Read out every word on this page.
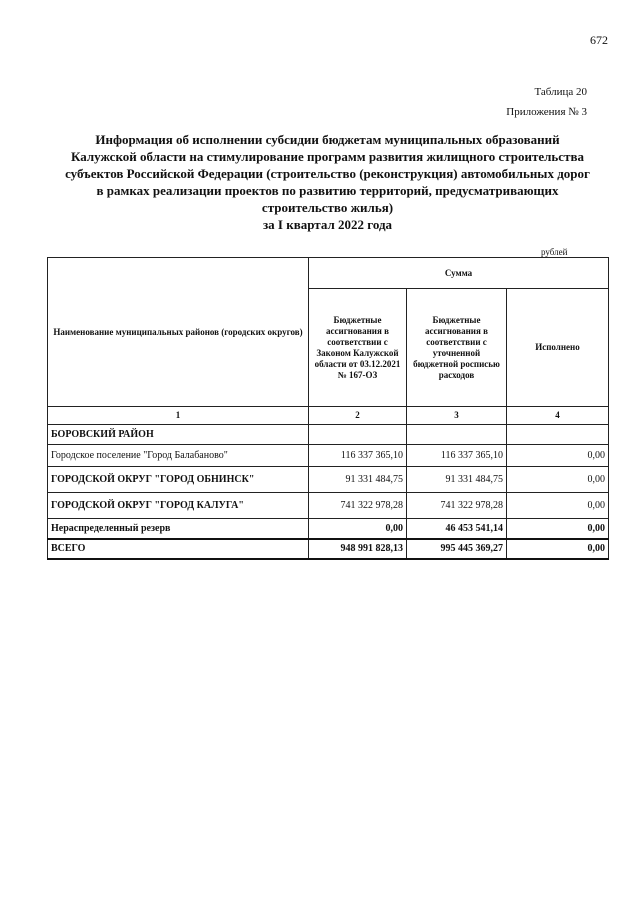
672
Таблица 20
Приложения № 3
Информация об исполнении субсидии бюджетам муниципальных образований
Калужской области на стимулирование программ развития жилищного строительства
субъектов Российской Федерации (строительство (реконструкция) автомобильных дорог
в рамках реализации проектов по развитию территорий, предусматривающих
строительство жилья)
за I квартал 2022 года
рублей
Наименование муниципальных районов (городских округов)	Сумма		
	Бюджетные ассигнования в соответствии с Законом Калужской области от 03.12.2021 № 167-ОЗ	Бюджетные ассигнования в соответствии с уточненной бюджетной росписью расходов	Исполнено
1	2	3	4
БОРОВСКИЙ РАЙОН			
Городское поселение "Город Балабаново"	116 337 365,10	116 337 365,10	0,00
ГОРОДСКОЙ ОКРУГ "ГОРОД ОБНИНСК"	91 331 484,75	91 331 484,75	0,00
ГОРОДСКОЙ ОКРУГ "ГОРОД КАЛУГА"	741 322 978,28	741 322 978,28	0,00
Нераспределенный резерв	0,00	46 453 541,14	0,00
ВСЕГО	948 991 828,13	995 445 369,27	0,00
